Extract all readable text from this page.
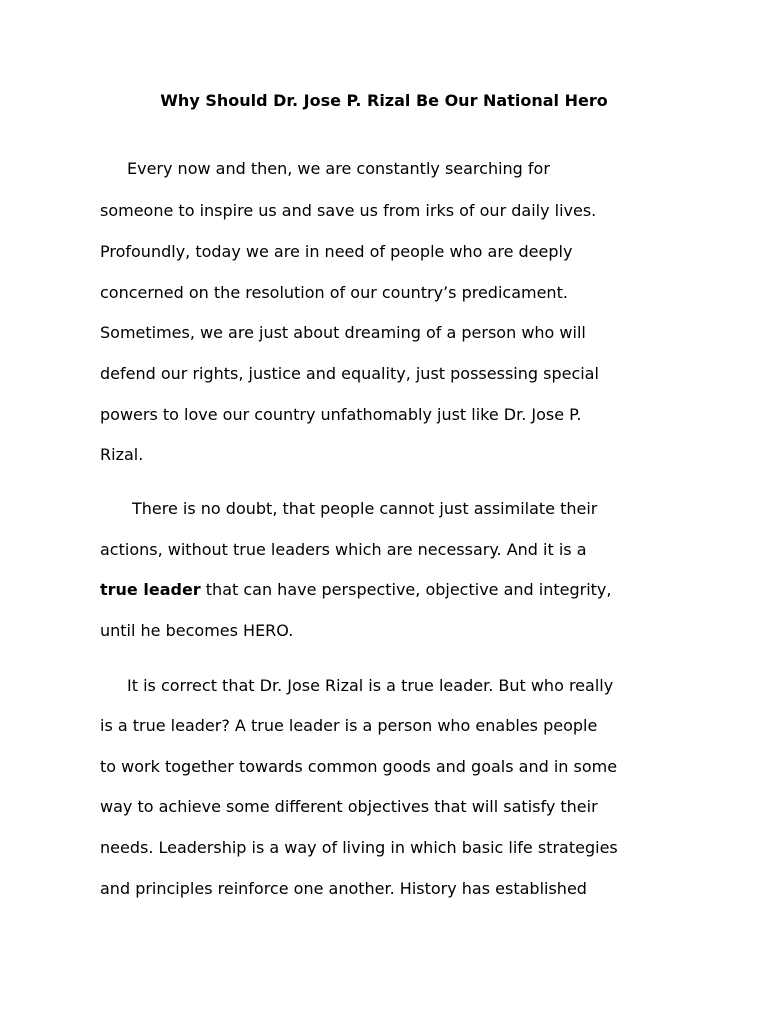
Why Should Dr. Jose P. Rizal Be Our National Hero
Every now and then, we are constantly searching for
someone to inspire us and save us from irks of our daily lives.
Profoundly, today we are in need of people who are deeply
concerned on the resolution of our country’s predicament.
Sometimes, we are just about dreaming of a person who will
defend our rights, justice and equality, just possessing special
powers to love our country unfathomably just like Dr. Jose P.
Rizal.
There is no doubt, that people cannot just assimilate their
actions, without true leaders which are necessary. And it is a
true leader that can have perspective, objective and integrity,
until he becomes HERO.
It is correct that Dr. Jose Rizal is a true leader. But who really
is a true leader? A true leader is a person who enables people
to work together towards common goods and goals and in some
way to achieve some different objectives that will satisfy their
needs. Leadership is a way of living in which basic life strategies
and principles reinforce one another. History has established
